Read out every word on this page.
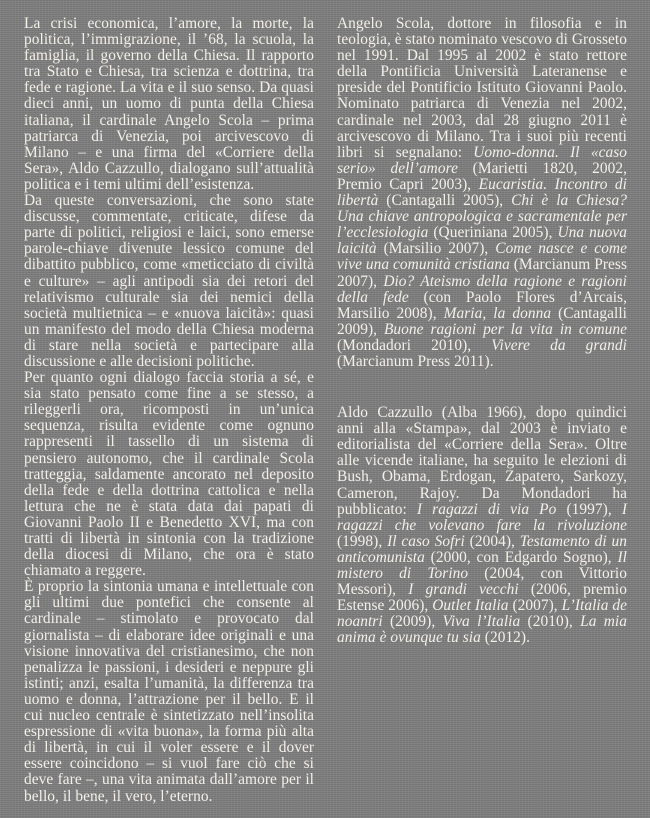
La crisi economica, l’amore, la morte, la politica, l’immigrazione, il ’68, la scuola, la famiglia, il governo della Chiesa. Il rapporto tra Stato e Chiesa, tra scienza e dottrina, tra fede e ragione. La vita e il suo senso. Da quasi dieci anni, un uomo di punta della Chiesa italiana, il cardinale Angelo Scola – prima patriarca di Venezia, poi arcivescovo di Milano – e una firma del «Corriere della Sera», Aldo Cazzullo, dialogano sull’attualità politica e i temi ultimi dell’esistenza.

Da queste conversazioni, che sono state discusse, commentate, criticate, difese da parte di politici, religiosi e laici, sono emerse parole-chiave divenute lessico comune del dibattito pubblico, come «meticciato di civiltà e culture» – agli antipodi sia dei retori del relativismo culturale sia dei nemici della società multietnica – e «nuova laicità»: quasi un manifesto del modo della Chiesa moderna di stare nella società e partecipare alla discussione e alle decisioni politiche.

Per quanto ogni dialogo faccia storia a sé, e sia stato pensato come fine a se stesso, a rileggerli ora, ricomposti in un’unica sequenza, risulta evidente come ognuno rappresenti il tassello di un sistema di pensiero autonomo, che il cardinale Scola tratteggia, saldamente ancorato nel deposito della fede e della dottrina cattolica e nella lettura che ne è stata data dai papati di Giovanni Paolo II e Benedetto XVI, ma con tratti di libertà in sintonia con la tradizione della diocesi di Milano, che ora è stato chiamato a reggere.

È proprio la sintonia umana e intellettuale con gli ultimi due pontefici che consente al cardinale – stimolato e provocato dal giornalista – di elaborare idee originali e una visione innovativa del cristianesimo, che non penalizza le passioni, i desideri e neppure gli istinti; anzi, esalta l’umanità, la differenza tra uomo e donna, l’attrazione per il bello. E il cui nucleo centrale è sintetizzato nell’insolita espressione di «vita buona», la forma più alta di libertà, in cui il voler essere e il dover essere coincidono – si vuol fare ciò che si deve fare –, una vita animata dall’amore per il bello, il bene, il vero, l’eterno.

Angelo Scola, dottore in filosofia e in teologia, è stato nominato vescovo di Grosseto nel 1991. Dal 1995 al 2002 è stato rettore della Pontificia Università Lateranense e preside del Pontificio Istituto Giovanni Paolo. Nominato patriarca di Venezia nel 2002, cardinale nel 2003, dal 28 giugno 2011 è arcivescovo di Milano. Tra i suoi più recenti libri si segnalano: Uomo-donna. Il «caso serio» dell’amore (Marietti 1820, 2002, Premio Capri 2003), Eucaristia. Incontro di libertà (Cantagalli 2005), Chi è la Chiesa? Una chiave antropologica e sacramentale per l’ecclesiologia (Queriniana 2005), Una nuova laicità (Marsilio 2007), Come nasce e come vive una comunità cristiana (Marcianum Press 2007), Dio? Ateismo della ragione e ragioni della fede (con Paolo Flores d’Arcais, Marsilio 2008), Maria, la donna (Cantagalli 2009), Buone ragioni per la vita in comune (Mondadori 2010), Vivere da grandi (Marcianum Press 2011).

Aldo Cazzullo (Alba 1966), dopo quindici anni alla «Stampa», dal 2003 è inviato e editorialista del «Corriere della Sera». Oltre alle vicende italiane, ha seguito le elezioni di Bush, Obama, Erdogan, Zapatero, Sarkozy, Cameron, Rajoy. Da Mondadori ha pubblicato: I ragazzi di via Po (1997), I ragazzi che volevano fare la rivoluzione (1998), Il caso Sofri (2004), Testamento di un anticomunista (2000, con Edgardo Sogno), Il mistero di Torino (2004, con Vittorio Messori), I grandi vecchi (2006, premio Estense 2006), Outlet Italia (2007), L’Italia de noantri (2009), Viva l’Italia (2010), La mia anima è ovunque tu sia (2012).
